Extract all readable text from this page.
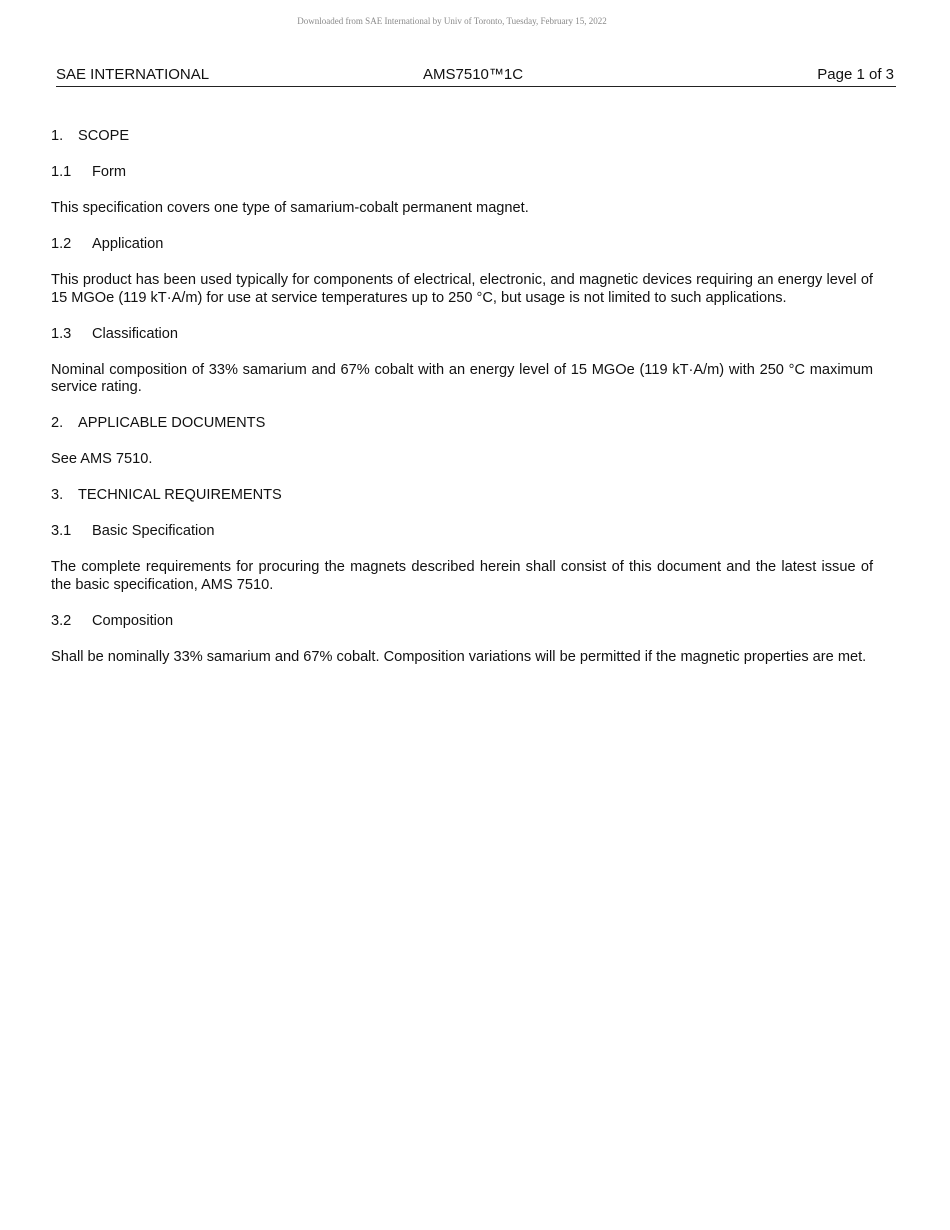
Downloaded from SAE International by Univ of Toronto, Tuesday, February 15, 2022
SAE INTERNATIONAL	AMS7510™1C	Page 1 of 3
1.	SCOPE
1.1	Form

This specification covers one type of samarium-cobalt permanent magnet.

1.2	Application

This product has been used typically for components of electrical, electronic, and magnetic devices requiring an energy level of 15 MGOe (119 kT·A/m) for use at service temperatures up to 250 °C, but usage is not limited to such applications.

1.3	Classification

Nominal composition of 33% samarium and 67% cobalt with an energy level of 15 MGOe (119 kT·A/m) with 250 °C maximum service rating.

2.	APPLICABLE DOCUMENTS

See AMS 7510.

3.	TECHNICAL REQUIREMENTS
3.1	Basic Specification

The complete requirements for procuring the magnets described herein shall consist of this document and the latest issue of the basic specification, AMS 7510.

3.2	Composition

Shall be nominally 33% samarium and 67% cobalt. Composition variations will be permitted if the magnetic properties are met.
